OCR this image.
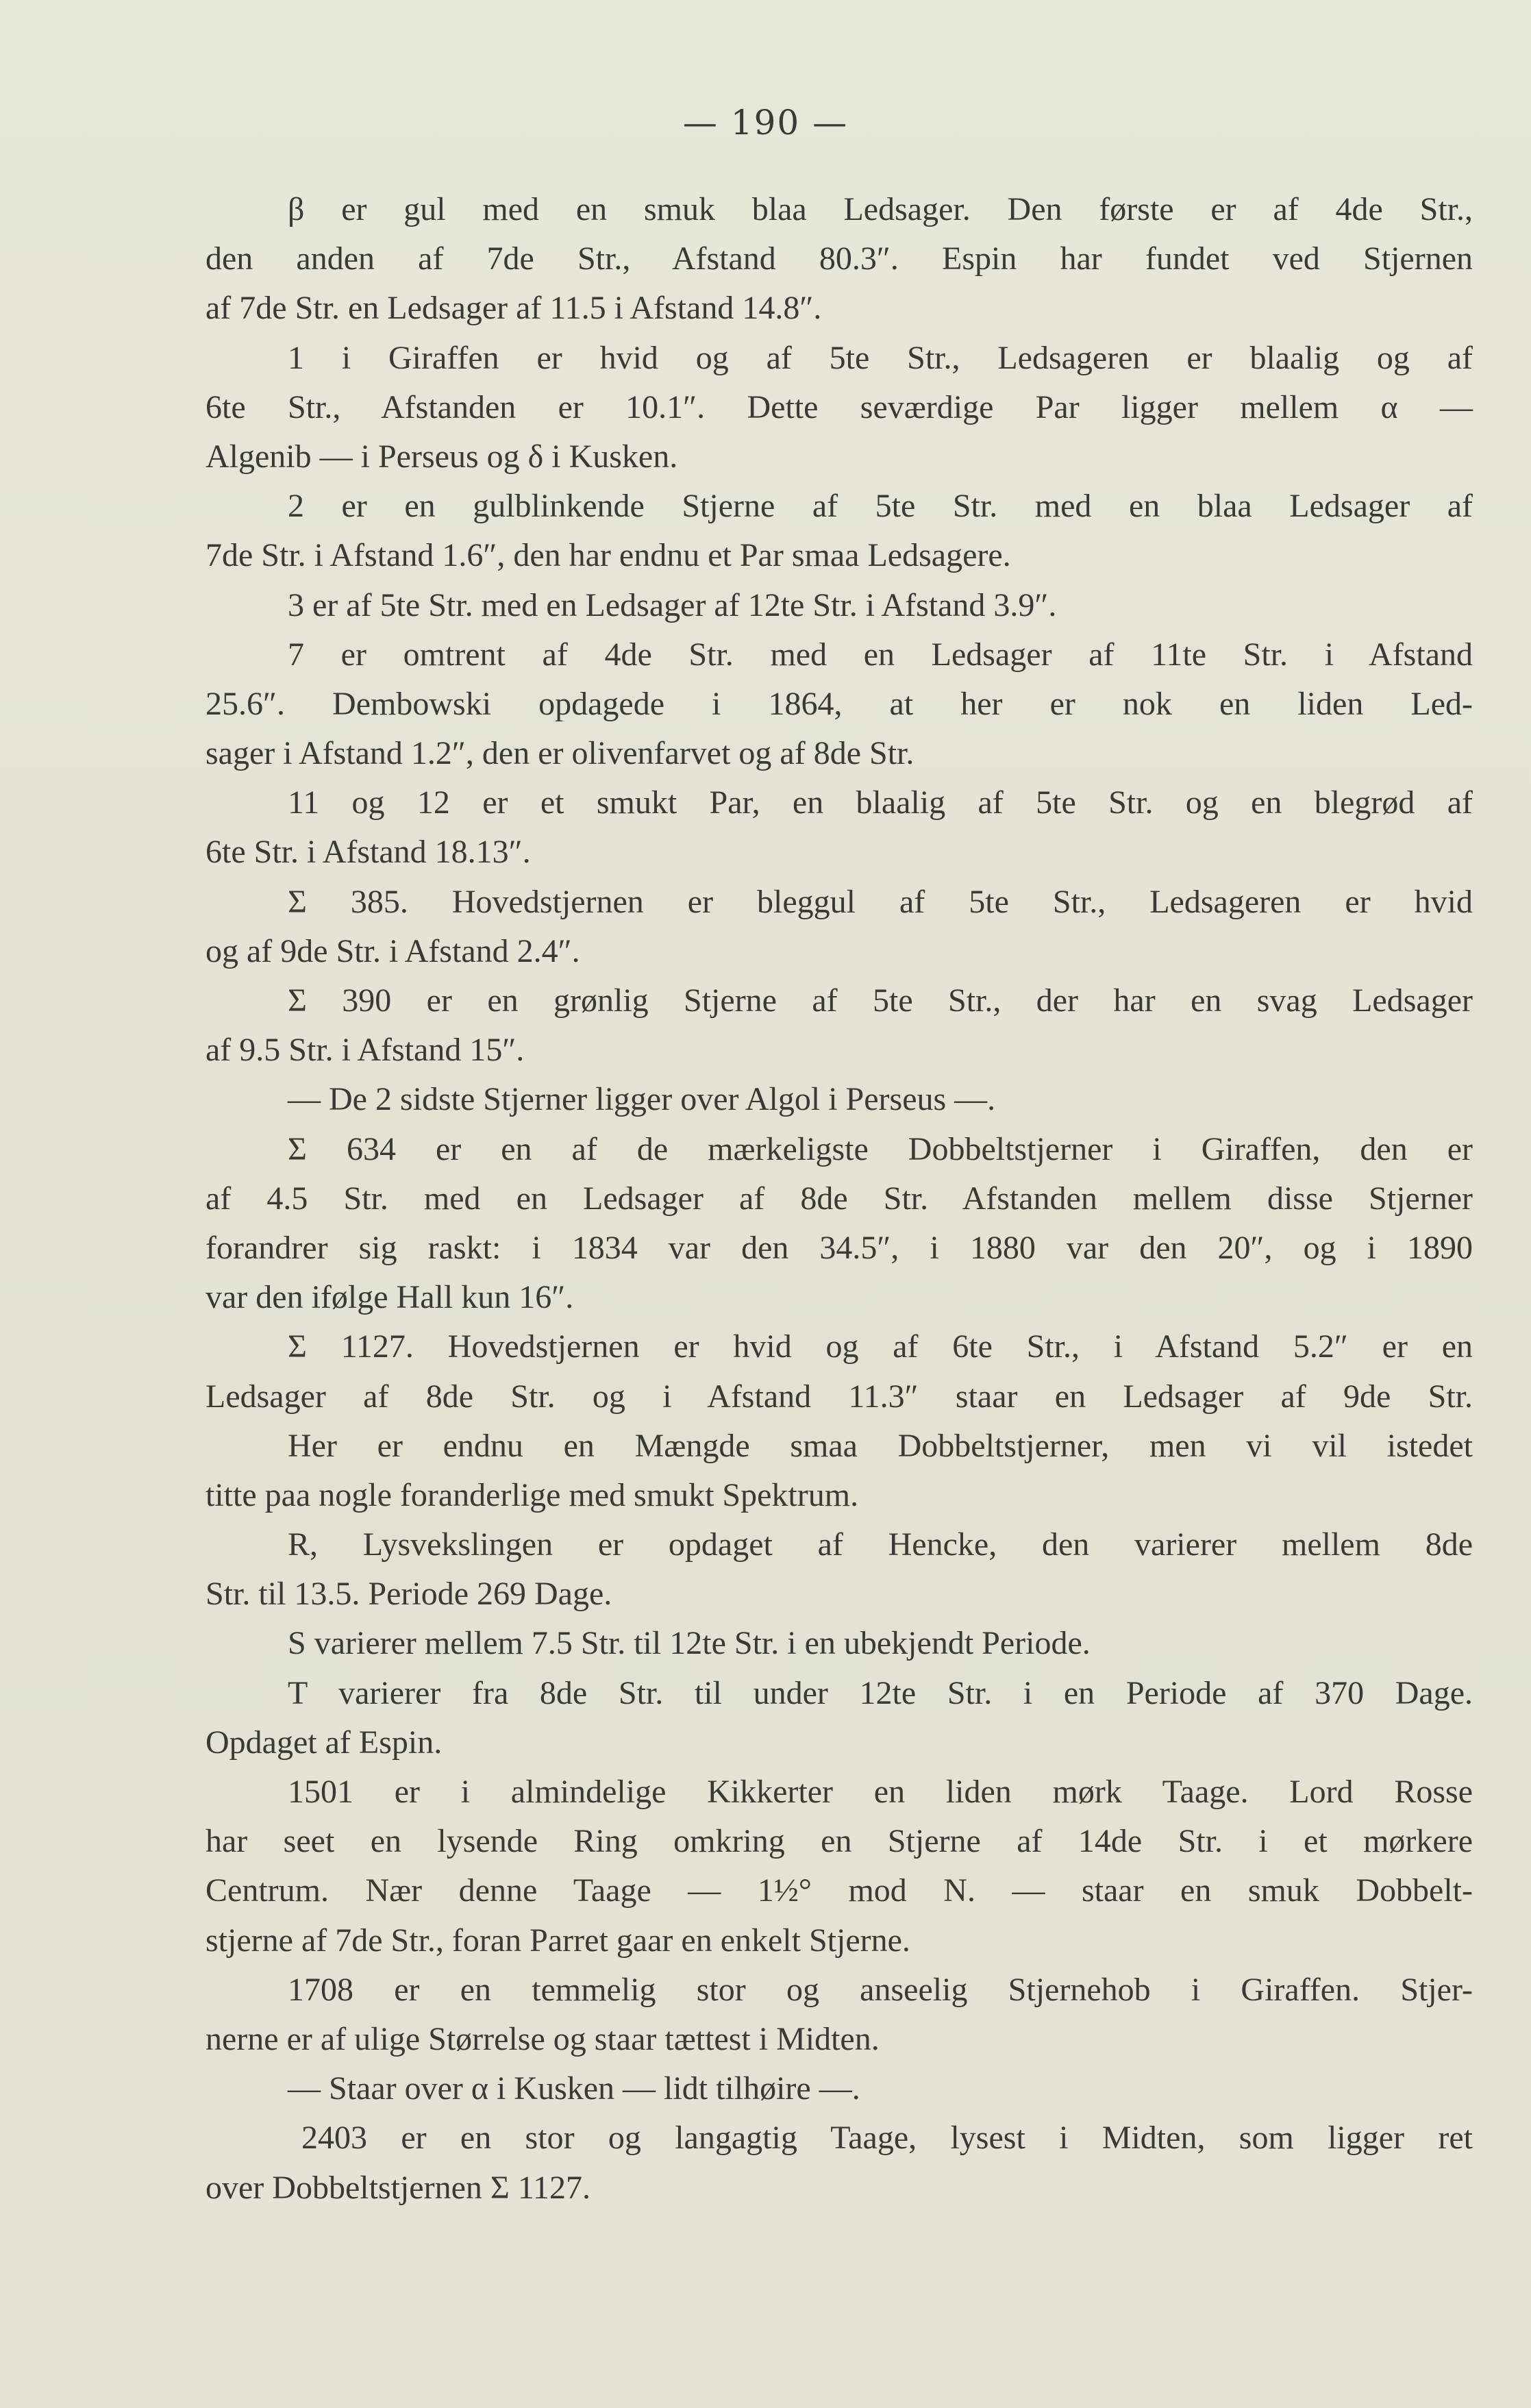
— 190 —
β er gul med en smuk blaa Ledsager. Den første er af 4de Str.,
den anden af 7de Str., Afstand 80.3″. Espin har fundet ved Stjernen
af 7de Str. en Ledsager af 11.5 i Afstand 14.8″.
1 i Giraffen er hvid og af 5te Str., Ledsageren er blaalig og af
6te Str., Afstanden er 10.1″. Dette seværdige Par ligger mellem α —
Algenib — i Perseus og δ i Kusken.
2 er en gulblinkende Stjerne af 5te Str. med en blaa Ledsager af
7de Str. i Afstand 1.6″, den har endnu et Par smaa Ledsagere.
3 er af 5te Str. med en Ledsager af 12te Str. i Afstand 3.9″.
7 er omtrent af 4de Str. med en Ledsager af 11te Str. i Afstand
25.6″. Dembowski opdagede i 1864, at her er nok en liden Led-
sager i Afstand 1.2″, den er olivenfarvet og af 8de Str.
11 og 12 er et smukt Par, en blaalig af 5te Str. og en blegrød af
6te Str. i Afstand 18.13″.
Σ 385. Hovedstjernen er bleggul af 5te Str., Ledsageren er hvid
og af 9de Str. i Afstand 2.4″.
Σ 390 er en grønlig Stjerne af 5te Str., der har en svag Ledsager
af 9.5 Str. i Afstand 15″.
— De 2 sidste Stjerner ligger over Algol i Perseus —.
Σ 634 er en af de mærkeligste Dobbeltstjerner i Giraffen, den er
af 4.5 Str. med en Ledsager af 8de Str. Afstanden mellem disse Stjerner
forandrer sig raskt: i 1834 var den 34.5″, i 1880 var den 20″, og i 1890
var den ifølge Hall kun 16″.
Σ 1127. Hovedstjernen er hvid og af 6te Str., i Afstand 5.2″ er en
Ledsager af 8de Str. og i Afstand 11.3″ staar en Ledsager af 9de Str.
Her er endnu en Mængde smaa Dobbeltstjerner, men vi vil istedet
titte paa nogle foranderlige med smukt Spektrum.
R, Lysvekslingen er opdaget af Hencke, den varierer mellem 8de
Str. til 13.5. Periode 269 Dage.
S varierer mellem 7.5 Str. til 12te Str. i en ubekjendt Periode.
T varierer fra 8de Str. til under 12te Str. i en Periode af 370 Dage.
Opdaget af Espin.
1501 er i almindelige Kikkerter en liden mørk Taage. Lord Rosse
har seet en lysende Ring omkring en Stjerne af 14de Str. i et mørkere
Centrum. Nær denne Taage — 1½° mod N. — staar en smuk Dobbelt-
stjerne af 7de Str., foran Parret gaar en enkelt Stjerne.
1708 er en temmelig stor og anseelig Stjernehob i Giraffen. Stjer-
nerne er af ulige Størrelse og staar tættest i Midten.
— Staar over α i Kusken — lidt tilhøire —.
2403 er en stor og langagtig Taage, lysest i Midten, som ligger ret
over Dobbeltstjernen Σ 1127.
